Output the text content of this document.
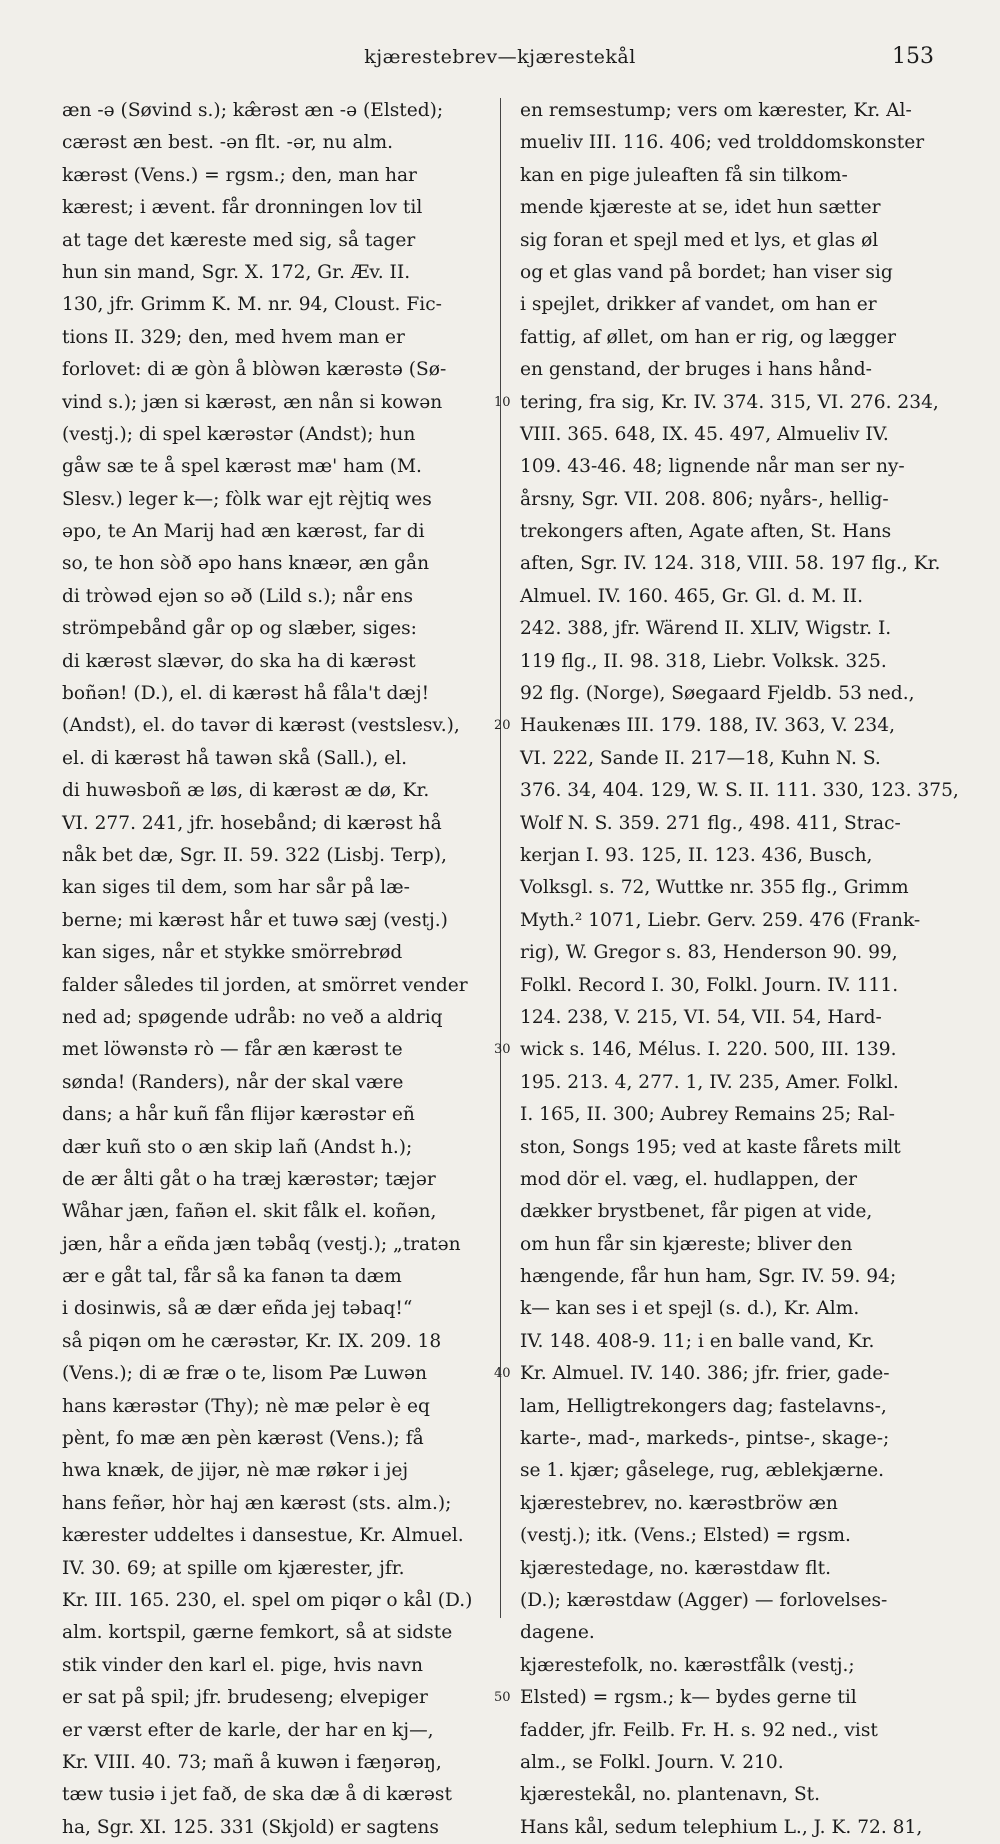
kjærestebrev—kjærestekål	153
æn -ə (Søvind s.); kæ̂rəst æn -ə (Elsted);
cærəst æn best. -ən flt. -ər, nu alm.
kærəst (Vens.) = rgsm.; den, man har
kærest; i ævent. får dronningen lov til
at tage det kæreste med sig, så tager
hun sin mand, Sgr. X. 172, Gr. Æv. II.
130, jfr. Grimm K. M. nr. 94, Cloust. Fic-
tions II. 329; den, med hvem man er
forlovet: di æ gòn å blòwən kærəstə (Sø-
vind s.); jæn si kærəst, æn nån si kowən
(vestj.); di spel kærəstər (Andst); hun
gåw sæ te å spel kærəst mæ' ham (M.
Slesv.) leger k—; fòlk war ejt rèjtiq wes
əpo, te An Marij had æn kærəst, far di
so, te hon sòð əpo hans knæər, æn gån
di tròwəd ejən so əð (Lild s.); når ens
strömpebånd går op og slæber, siges:
di kærəst slævər, do ska ha di kærəst
boñən! (D.), el. di kærəst hå fåla't dæj!
(Andst), el. do tavər di kærəst (vestslesv.),
el. di kærəst hå tawən skå (Sall.), el.
di huwəsboñ æ løs, di kærəst æ dø, Kr.
VI. 277. 241, jfr. hosebånd; di kærəst hå
nåk bet dæ, Sgr. II. 59. 322 (Lisbj. Terp),
kan siges til dem, som har sår på læ-
berne; mi kærəst hår et tuwə sæj (vestj.)
kan siges, når et stykke smörrebrød
falder således til jorden, at smörret vender
ned ad; spøgende udråb: no veð a aldriq
met löwənstə rò — får æn kærəst te
sønda! (Randers), når der skal være
dans; a hår kuñ fån flijər kærəstər eñ
dær kuñ sto o æn skip lañ (Andst h.);
de ær ålti gåt o ha træj kærəstər; tæjər
Wåhar jæn, fañən el. skit fålk el. koñən,
jæn, hår a eñda jæn təbåq (vestj.); „tratən
ær e gåt tal, får så ka fanən ta dæm
i dosinwis, så æ dær eñda jej təbaq!“
så piqən om he cærəstər, Kr. IX. 209. 18
(Vens.); di æ fræ o te, lisom Pæ Luwən
hans kærəstər (Thy); nè mæ pelər è eq
pènt, fo mæ æn pèn kærəst (Vens.); få
hwa knæk, de jijər, nè mæ røkər i jej
hans feñər, hòr haj æn kærəst (sts. alm.);
kærester uddeltes i dansestue, Kr. Almuel.
IV. 30. 69; at spille om kjærester, jfr.
Kr. III. 165. 230, el. spel om piqər o kål (D.)
alm. kortspil, gærne femkort, så at sidste
stik vinder den karl el. pige, hvis navn
er sat på spil; jfr. brudeseng; elvepiger
er værst efter de karle, der har en kj—,
Kr. VIII. 40. 73; mañ å kuwən i fæŋərəŋ,
tæw tusiə i jet fað, de ska dæ å di kærəst
ha, Sgr. XI. 125. 331 (Skjold) er sagtens
en remsestump; vers om kærester, Kr. Al-
mueliv III. 116. 406; ved trolddomskonster
kan en pige juleaften få sin tilkom-
mende kjæreste at se, idet hun sætter
sig foran et spejl med et lys, et glas øl
og et glas vand på bordet; han viser sig
i spejlet, drikker af vandet, om han er
fattig, af øllet, om han er rig, og lægger
en genstand, der bruges i hans hånd-
tering, fra sig, Kr. IV. 374. 315, VI. 276. 234,
10
VIII. 365. 648, IX. 45. 497, Almueliv IV.
109. 43-46. 48; lignende når man ser ny-
årsny, Sgr. VII. 208. 806; nyårs-, hellig-
trekongers aften, Agate aften, St. Hans
aften, Sgr. IV. 124. 318, VIII. 58. 197 flg., Kr.
Almuel. IV. 160. 465, Gr. Gl. d. M. II.
242. 388, jfr. Wärend II. XLIV, Wigstr. I.
119 flg., II. 98. 318, Liebr. Volksk. 325.
92 flg. (Norge), Søegaard Fjeldb. 53 ned.,
Haukenæs III. 179. 188, IV. 363, V. 234,
20
VI. 222, Sande II. 217—18, Kuhn N. S.
376. 34, 404. 129, W. S. II. 111. 330, 123. 375,
Wolf N. S. 359. 271 flg., 498. 411, Strac-
kerjan I. 93. 125, II. 123. 436, Busch,
Volksgl. s. 72, Wuttke nr. 355 flg., Grimm
Myth.² 1071, Liebr. Gerv. 259. 476 (Frank-
rig), W. Gregor s. 83, Henderson 90. 99,
Folkl. Record I. 30, Folkl. Journ. IV. 111.
124. 238, V. 215, VI. 54, VII. 54, Hard-
wick s. 146, Mélus. I. 220. 500, III. 139.
30
195. 213. 4, 277. 1, IV. 235, Amer. Folkl.
I. 165, II. 300; Aubrey Remains 25; Ral-
ston, Songs 195; ved at kaste fårets milt
mod dör el. væg, el. hudlappen, der
dækker brystbenet, får pigen at vide,
om hun får sin kjæreste; bliver den
hængende, får hun ham, Sgr. IV. 59. 94;
k— kan ses i et spejl (s. d.), Kr. Alm.
IV. 148. 408-9. 11; i en balle vand, Kr.
Kr. Almuel. IV. 140. 386; jfr. frier, gade-
40
lam, Helligtrekongers dag; fastelavns-,
karte-, mad-, markeds-, pintse-, skage-;
se 1. kjær; gåselege, rug, æblekjærne.
kjærestebrev, no. kærəstbröw æn
(vestj.); itk. (Vens.; Elsted) = rgsm.
kjærestedage, no. kærəstdaw flt.
(D.); kærəstdaw (Agger) — forlovelses-
dagene.
kjærestefolk, no. kærəstfålk (vestj.;
Elsted) = rgsm.; k— bydes gerne til
50
fadder, jfr. Feilb. Fr. H. s. 92 ned., vist
alm., se Folkl. Journ. V. 210.
kjærestekål, no. plantenavn, St.
Hans kål, sedum telephium L., J. K. 72. 81,
